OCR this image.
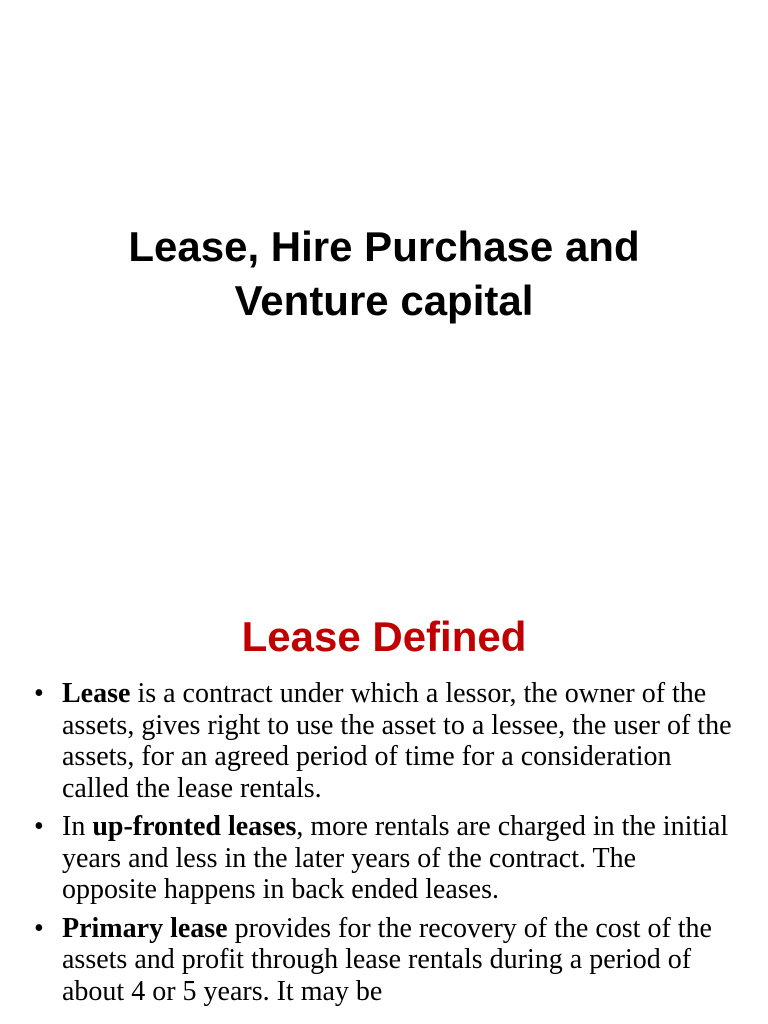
Lease, Hire Purchase and
Venture capital
Lease Defined
• Lease is a contract under which a lessor, the owner of the assets, gives right to use the asset to a lessee, the user of the assets, for an agreed period of time for a consideration called the lease rentals.
• In up-fronted leases, more rentals are charged in the initial years and less in the later years of the contract. The opposite happens in back ended leases.
• Primary lease provides for the recovery of the cost of the assets and profit through lease rentals during a period of about 4 or 5 years. It may be
